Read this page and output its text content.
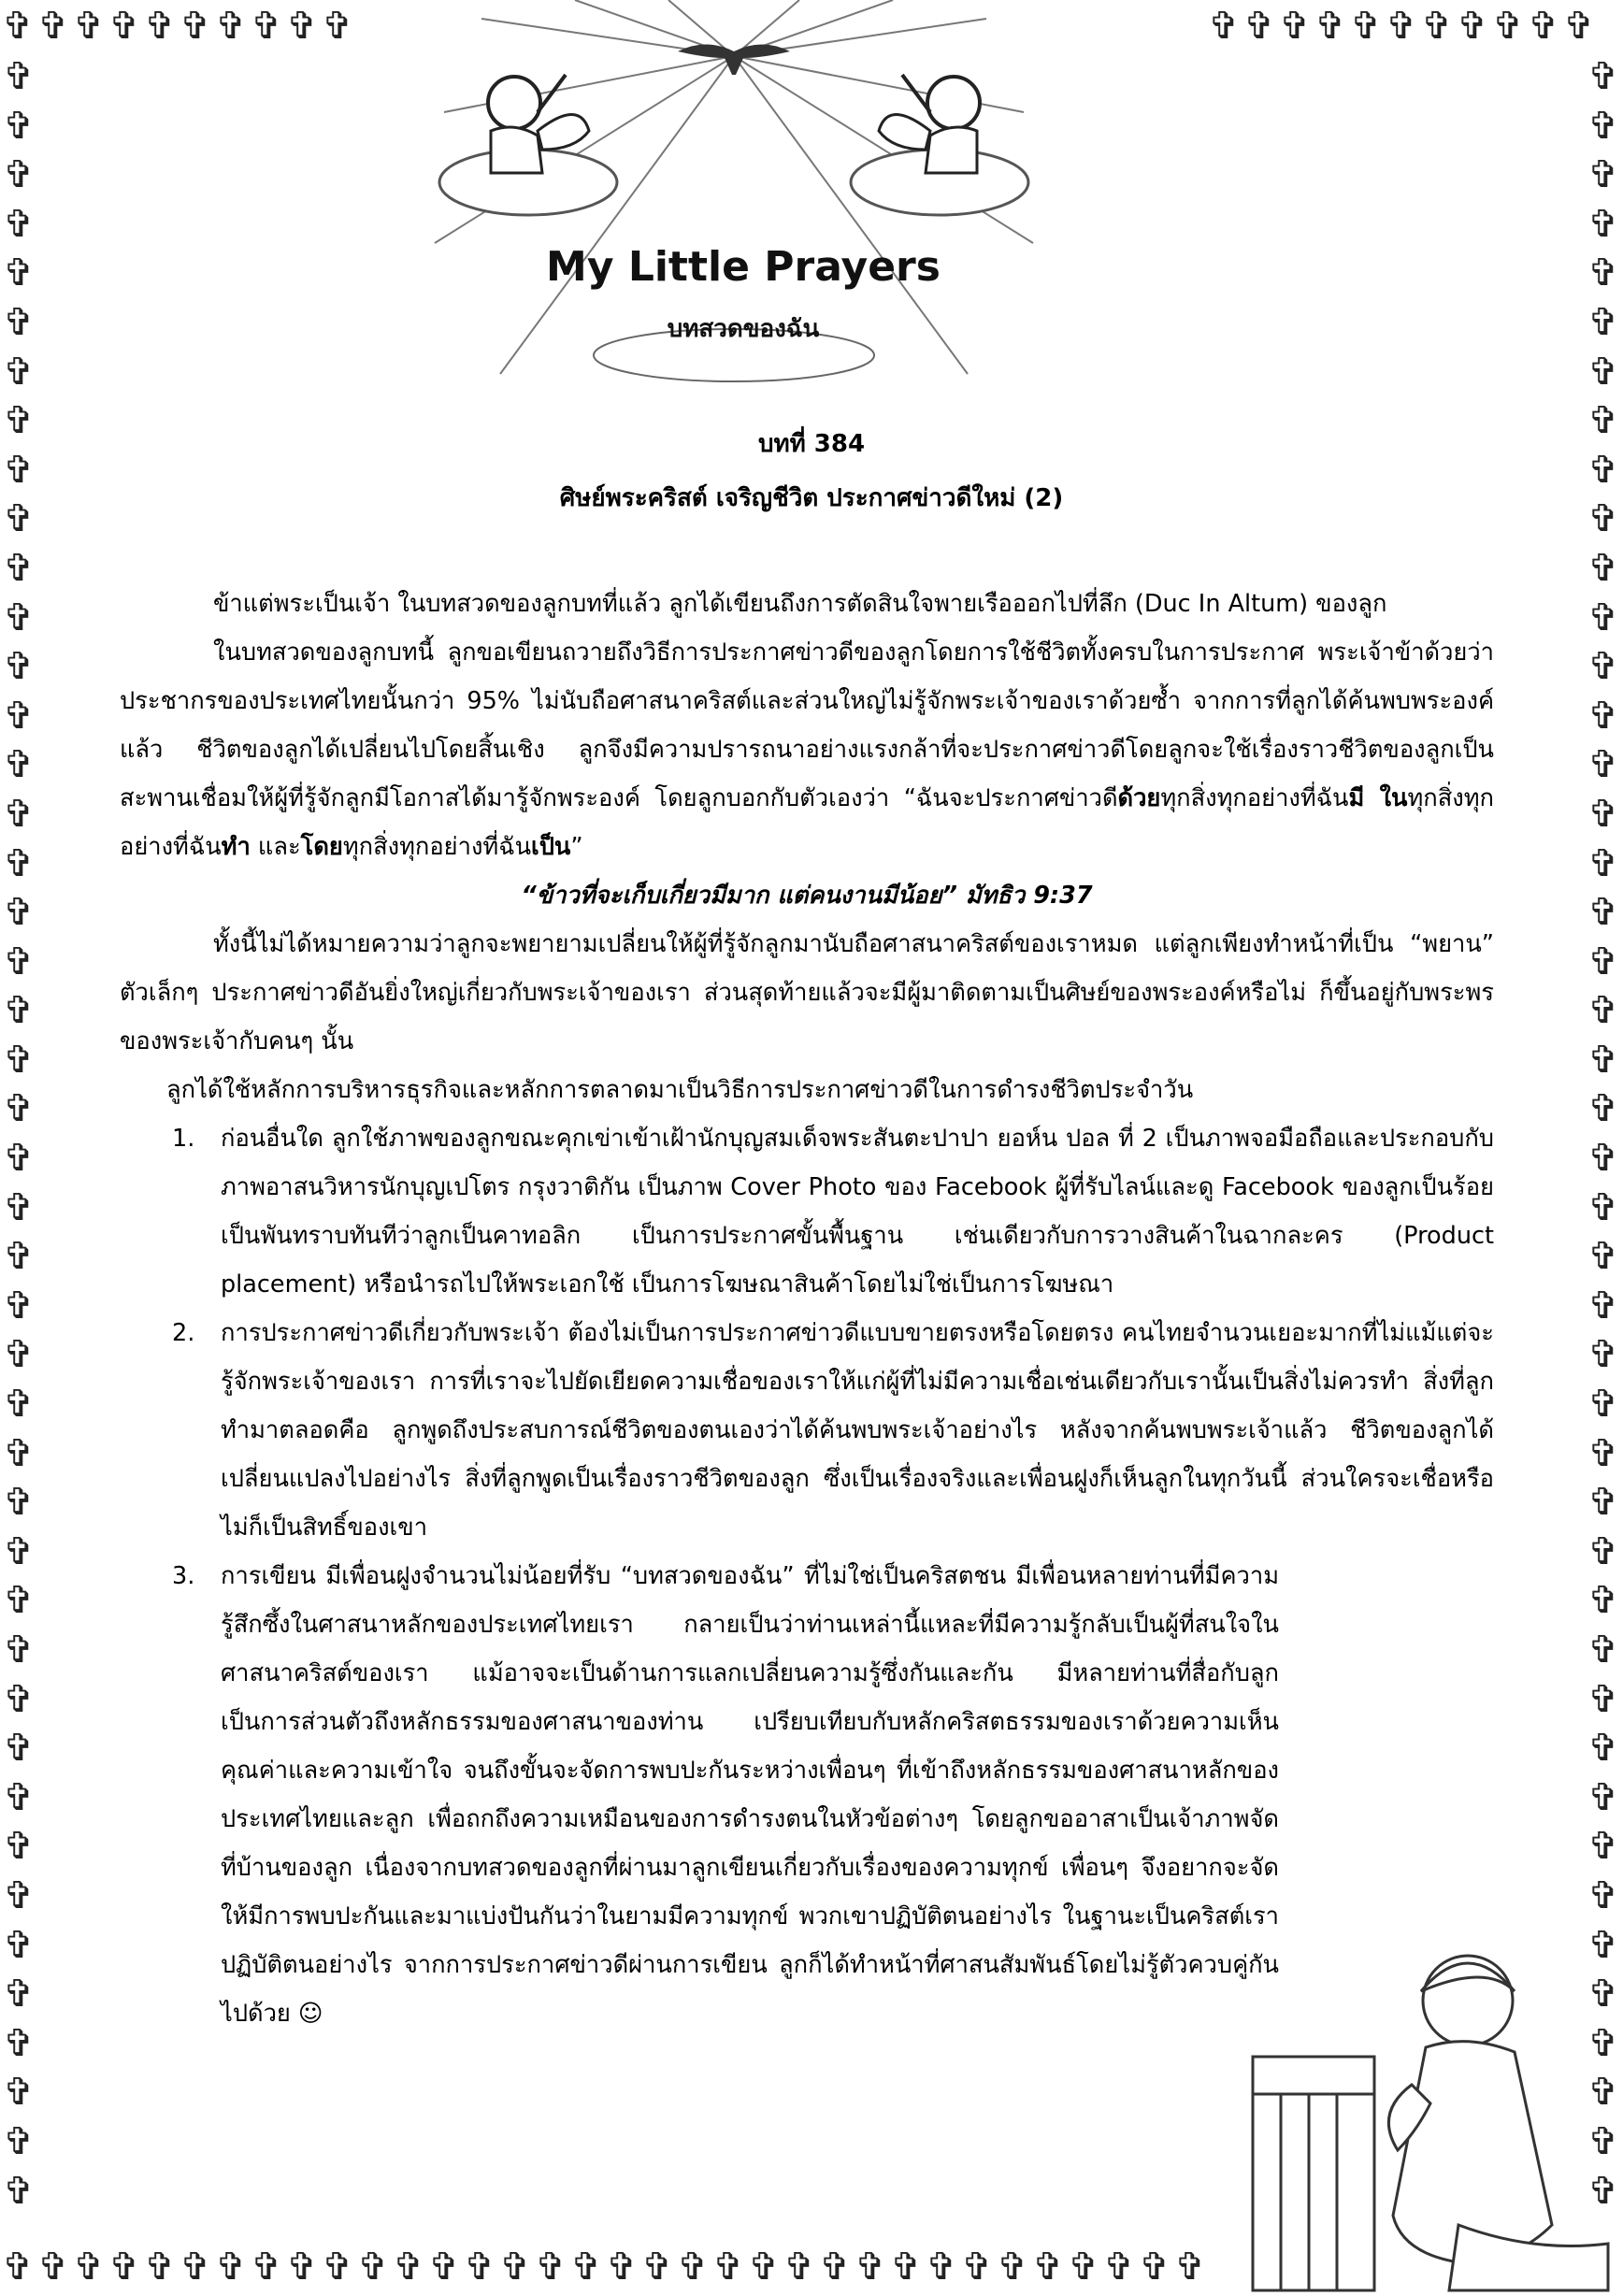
✞ ✞ ✞ ✞ ✞ ✞ ✞ ✞ ✞ ✞	✞ ✞ ✞ ✞ ✞ ✞ ✞ ✞ ✞ ✞ ✞
✞ ✞ ✞ ✞ ✞ ✞ ✞ ✞ ✞ ✞ ✞ ✞ ✞ ✞ ✞ ✞ ✞ ✞ ✞ ✞ ✞ ✞ ✞ ✞ ✞ ✞ ✞ ✞ ✞ ✞ ✞ ✞ ✞ ✞
✞
✞
✞
✞
✞
✞
✞
✞
✞
✞
✞
✞
✞
✞
✞
✞
✞
✞
✞
✞
✞
✞
✞
✞
✞
✞
✞
✞
✞
✞
✞
✞
✞
✞
✞
✞
✞
✞
✞
✞
✞
✞
✞
✞
✞
✞
✞
✞
✞
✞
✞
✞
✞
✞
✞
✞
✞
✞
✞
✞
✞
✞
✞
✞
✞
✞
✞
✞
✞
✞
✞
✞
✞
✞
✞
✞
✞
✞
✞
✞
✞
✞
✞
✞
✞
✞
✞
✞
My Little Prayers
บทสวดของฉัน
บทที่ 384
ศิษย์พระคริสต์ เจริญชีวิต ประกาศข่าวดีใหม่ (2)

ข้าแต่พระเป็นเจ้า ในบทสวดของลูกบทที่แล้ว ลูกได้เขียนถึงการตัดสินใจพายเรือออกไปที่ลึก (Duc In Altum) ของลูก

ในบทสวดของลูกบทนี้ ลูกขอเขียนถวายถึงวิธีการประกาศข่าวดีของลูกโดยการใช้ชีวิตทั้งครบในการประกาศ พระเจ้าข้าด้วยว่าประชากรของประเทศไทยนั้นกว่า 95% ไม่นับถือศาสนาคริสต์และส่วนใหญ่ไม่รู้จักพระเจ้าของเราด้วยซ้ำ จากการที่ลูกได้ค้นพบพระองค์แล้ว ชีวิตของลูกได้เปลี่ยนไปโดยสิ้นเชิง ลูกจึงมีความปรารถนาอย่างแรงกล้าที่จะประกาศข่าวดีโดยลูกจะใช้เรื่องราวชีวิตของลูกเป็นสะพานเชื่อมให้ผู้ที่รู้จักลูกมีโอกาสได้มารู้จักพระองค์ โดยลูกบอกกับตัวเองว่า “ฉันจะประกาศข่าวดีด้วยทุกสิ่งทุกอย่างที่ฉันมี ในทุกสิ่งทุกอย่างที่ฉันทำ และโดยทุกสิ่งทุกอย่างที่ฉันเป็น”

“ข้าวที่จะเก็บเกี่ยวมีมาก แต่คนงานมีน้อย” มัทธิว 9:37

ทั้งนี้ไม่ได้หมายความว่าลูกจะพยายามเปลี่ยนให้ผู้ที่รู้จักลูกมานับถือศาสนาคริสต์ของเราหมด แต่ลูกเพียงทำหน้าที่เป็น “พยาน” ตัวเล็กๆ ประกาศข่าวดีอันยิ่งใหญ่เกี่ยวกับพระเจ้าของเรา ส่วนสุดท้ายแล้วจะมีผู้มาติดตามเป็นศิษย์ของพระองค์หรือไม่ ก็ขึ้นอยู่กับพระพรของพระเจ้ากับคนๆ นั้น

ลูกได้ใช้หลักการบริหารธุรกิจและหลักการตลาดมาเป็นวิธีการประกาศข่าวดีในการดำรงชีวิตประจำวัน

1. ก่อนอื่นใด ลูกใช้ภาพของลูกขณะคุกเข่าเข้าเฝ้านักบุญสมเด็จพระสันตะปาปา ยอห์น ปอล ที่ 2 เป็นภาพจอมือถือและประกอบกับภาพอาสนวิหารนักบุญเปโตร กรุงวาติกัน เป็นภาพ Cover Photo ของ Facebook ผู้ที่รับไลน์และดู Facebook ของลูกเป็นร้อยเป็นพันทราบทันทีว่าลูกเป็นคาทอลิก เป็นการประกาศขั้นพื้นฐาน เช่นเดียวกับการวางสินค้าในฉากละคร (Product placement) หรือนำรถไปให้พระเอกใช้ เป็นการโฆษณาสินค้าโดยไม่ใช่เป็นการโฆษณา
2. การประกาศข่าวดีเกี่ยวกับพระเจ้า ต้องไม่เป็นการประกาศข่าวดีแบบขายตรงหรือโดยตรง คนไทยจำนวนเยอะมากที่ไม่แม้แต่จะรู้จักพระเจ้าของเรา การที่เราจะไปยัดเยียดความเชื่อของเราให้แก่ผู้ที่ไม่มีความเชื่อเช่นเดียวกับเรานั้นเป็นสิ่งไม่ควรทำ สิ่งที่ลูกทำมาตลอดคือ ลูกพูดถึงประสบการณ์ชีวิตของตนเองว่าได้ค้นพบพระเจ้าอย่างไร หลังจากค้นพบพระเจ้าแล้ว ชีวิตของลูกได้เปลี่ยนแปลงไปอย่างไร สิ่งที่ลูกพูดเป็นเรื่องราวชีวิตของลูก ซึ่งเป็นเรื่องจริงและเพื่อนฝูงก็เห็นลูกในทุกวันนี้ ส่วนใครจะเชื่อหรือไม่ก็เป็นสิทธิ์ของเขา
3. การเขียน มีเพื่อนฝูงจำนวนไม่น้อยที่รับ “บทสวดของฉัน” ที่ไม่ใช่เป็นคริสตชน มีเพื่อนหลายท่านที่มีความรู้สึกซึ้งในศาสนาหลักของประเทศไทยเรา กลายเป็นว่าท่านเหล่านี้แหละที่มีความรู้กลับเป็นผู้ที่สนใจในศาสนาคริสต์ของเรา แม้อาจจะเป็นด้านการแลกเปลี่ยนความรู้ซึ่งกันและกัน มีหลายท่านที่สื่อกับลูกเป็นการส่วนตัวถึงหลักธรรมของศาสนาของท่าน เปรียบเทียบกับหลักคริสตธรรมของเราด้วยความเห็นคุณค่าและความเข้าใจ จนถึงขั้นจะจัดการพบปะกันระหว่างเพื่อนๆ ที่เข้าถึงหลักธรรมของศาสนาหลักของประเทศไทยและลูก เพื่อถกถึงความเหมือนของการดำรงตนในหัวข้อต่างๆ โดยลูกขออาสาเป็นเจ้าภาพจัดที่บ้านของลูก เนื่องจากบทสวดของลูกที่ผ่านมาลูกเขียนเกี่ยวกับเรื่องของความทุกข์ เพื่อนๆ จึงอยากจะจัดให้มีการพบปะกันและมาแบ่งปันกันว่าในยามมีความทุกข์ พวกเขาปฏิบัติตนอย่างไร ในฐานะเป็นคริสต์เราปฏิบัติตนอย่างไร จากการประกาศข่าวดีผ่านการเขียน ลูกก็ได้ทำหน้าที่ศาสนสัมพันธ์โดยไม่รู้ตัวควบคู่กันไปด้วย ☺
